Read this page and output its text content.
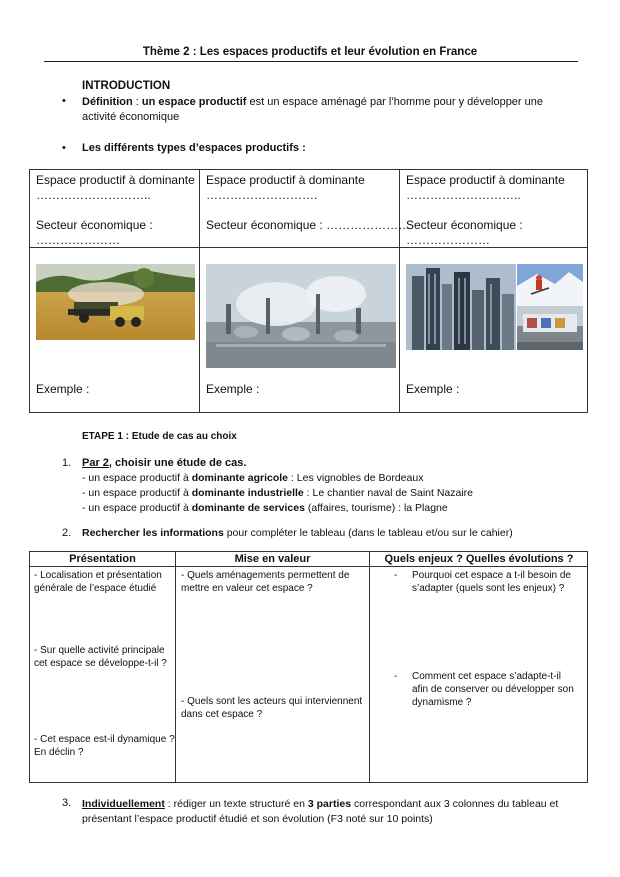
Thème 2 : Les espaces productifs et leur évolution en France
INTRODUCTION
• Définition : un espace productif est un espace aménagé par l’homme pour y développer une
activité économique
• Les différents types d’espaces productifs :
Espace productif à dominante
………………………..
Secteur économique :
…………………
Exemple :
Espace productif à dominante
……………………….
Secteur économique : …………………
Exemple :
Espace productif à dominante
………………………..
Secteur économique : …………………
Exemple :
ETAPE 1 : Etude de cas au choix
1. Par 2, choisir une étude de cas.
- un espace productif à dominante agricole : Les vignobles de Bordeaux
- un espace productif à dominante industrielle : Le chantier naval de Saint Nazaire
- un espace productif à dominante de services (affaires, tourisme) : la Plagne
2. Rechercher les informations pour compléter le tableau (dans le tableau et/ou sur le cahier)
Présentation	Mise en valeur	Quels enjeux ? Quelles évolutions ?
- Localisation et présentation
générale de l’espace étudié
- Sur quelle activité principale
cet espace se développe-t-il ?
- Cet espace est-il dynamique ?
En déclin ?
- Quels aménagements permettent de
mettre en valeur cet espace ?
- Quels sont les acteurs qui interviennent
dans cet espace ?
- Pourquoi cet espace a t-il besoin de
s’adapter (quels sont les enjeux) ?
- Comment cet espace s’adapte-t-il
afin de conserver ou développer son
dynamisme ?
3. Individuellement : rédiger un texte structuré en 3 parties correspondant aux 3 colonnes du tableau et
présentant l’espace productif étudié et son évolution (F3 noté sur 10 points)
